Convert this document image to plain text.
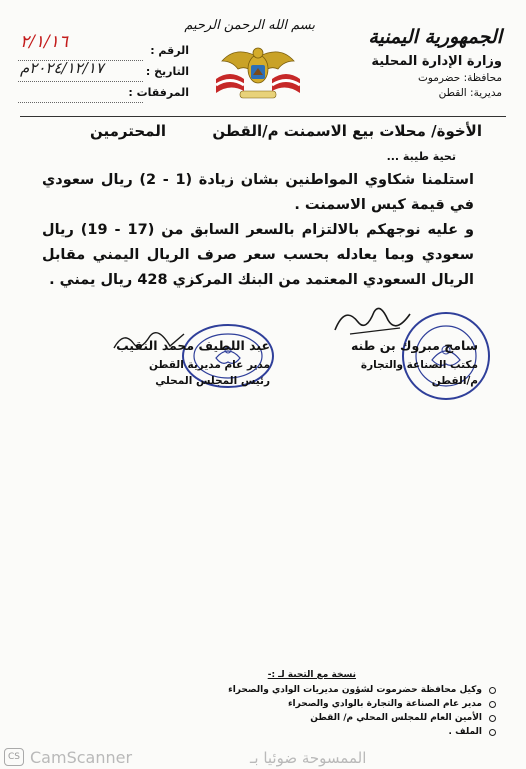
الجمهورية اليمنية
وزارة الإدارة المحلية
محافظة: حضرموت
مديرية: القطن
بسم الله الرحمن الرحيم
الرقم :
٢/١/١٦
التاريخ :
٢٠٢٤/١٢/١٧م
المرفقات :
الأخوة/ محلات بيع الاسمنت م/القطن
المحترمين
تحية طيبة ...
استلمنا شكاوي المواطنين بشان زيادة (1 - 2) ريال سعودي في قيمة كيس الاسمنت .
و عليه نوجهكم بالالتزام بالسعر السابق من (17 - 19) ريال سعودي وبما يعادله بحسب سعر صرف الريال اليمني مقابل الريال السعودي المعتمد من البنك المركزي 428 ريال يمني .
سامح مبروك بن طنه
مكتب الصناعة والتجارة
م/القطن
عبد اللطيف محمد النقيب
مدير عام مديرية القطن
رئيس المجلس المحلي
نسخة مع التحية لـ :-
وكيل محافظة حضرموت لشؤون مديريات الوادي والصحراء
مدير عام الصناعة والتجارة بالوادي والصحراء
الأمين العام للمجلس المحلي م/ القطن
الملف .
CS CamScanner	الممسوحة ضوئيا بـ
